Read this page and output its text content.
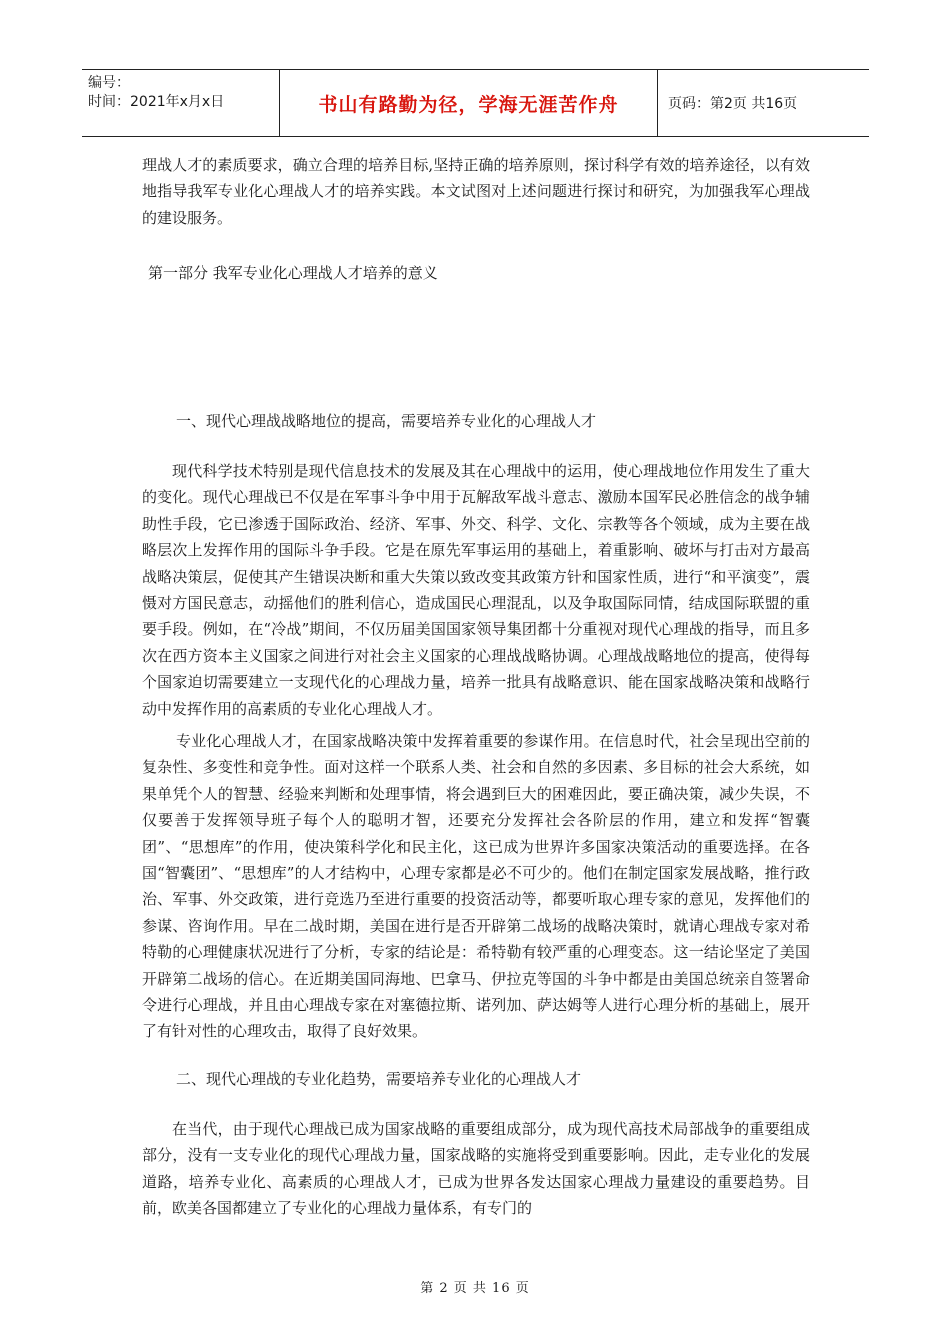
编号：
时间：2021年x月x日	书山有路勤为径，学海无涯苦作舟	页码：第2页 共16页

理战人才的素质要求，确立合理的培养目标,坚持正确的培养原则，探讨科学有效的培养途径，以有效地指导我军专业化心理战人才的培养实践。本文试图对上述问题进行探讨和研究，为加强我军心理战的建设服务。

第一部分 我军专业化心理战人才培养的意义
一、现代心理战战略地位的提高，需要培养专业化的心理战人才

现代科学技术特别是现代信息技术的发展及其在心理战中的运用，使心理战地位作用发生了重大的变化。现代心理战已不仅是在军事斗争中用于瓦解敌军战斗意志、激励本国军民必胜信念的战争辅助性手段，它已渗透于国际政治、经济、军事、外交、科学、文化、宗教等各个领域，成为主要在战略层次上发挥作用的国际斗争手段。它是在原先军事运用的基础上，着重影响、破坏与打击对方最高战略决策层，促使其产生错误决断和重大失策以致改变其政策方针和国家性质，进行“和平演变”，震慑对方国民意志，动摇他们的胜利信心，造成国民心理混乱，以及争取国际同情，结成国际联盟的重要手段。例如，在“冷战”期间，不仅历届美国国家领导集团都十分重视对现代心理战的指导，而且多次在西方资本主义国家之间进行对社会主义国家的心理战战略协调。心理战战略地位的提高，使得每个国家迫切需要建立一支现代化的心理战力量，培养一批具有战略意识、能在国家战略决策和战略行动中发挥作用的高素质的专业化心理战人才。

专业化心理战人才，在国家战略决策中发挥着重要的参谋作用。在信息时代，社会呈现出空前的复杂性、多变性和竞争性。面对这样一个联系人类、社会和自然的多因素、多目标的社会大系统，如果单凭个人的智慧、经验来判断和处理事情，将会遇到巨大的困难因此，要正确决策，减少失误，不仅要善于发挥领导班子每个人的聪明才智，还要充分发挥社会各阶层的作用，建立和发挥“智囊团”、“思想库”的作用，使决策科学化和民主化，这已成为世界许多国家决策活动的重要选择。在各国“智囊团”、“思想库”的人才结构中，心理专家都是必不可少的。他们在制定国家发展战略，推行政治、军事、外交政策，进行竞选乃至进行重要的投资活动等，都要听取心理专家的意见，发挥他们的参谋、咨询作用。早在二战时期，美国在进行是否开辟第二战场的战略决策时，就请心理战专家对希特勒的心理健康状况进行了分析，专家的结论是：希特勒有较严重的心理变态。这一结论坚定了美国开辟第二战场的信心。在近期美国同海地、巴拿马、伊拉克等国的斗争中都是由美国总统亲自签署命令进行心理战，并且由心理战专家在对塞德拉斯、诺列加、萨达姆等人进行心理分析的基础上，展开了有针对性的心理攻击，取得了良好效果。

二、现代心理战的专业化趋势，需要培养专业化的心理战人才

在当代，由于现代心理战已成为国家战略的重要组成部分，成为现代高技术局部战争的重要组成部分，没有一支专业化的现代心理战力量，国家战略的实施将受到重要影响。因此，走专业化的发展道路，培养专业化、高素质的心理战人才，已成为世界各发达国家心理战力量建设的重要趋势。目前，欧美各国都建立了专业化的心理战力量体系，有专门的

第 2 页 共 16 页
